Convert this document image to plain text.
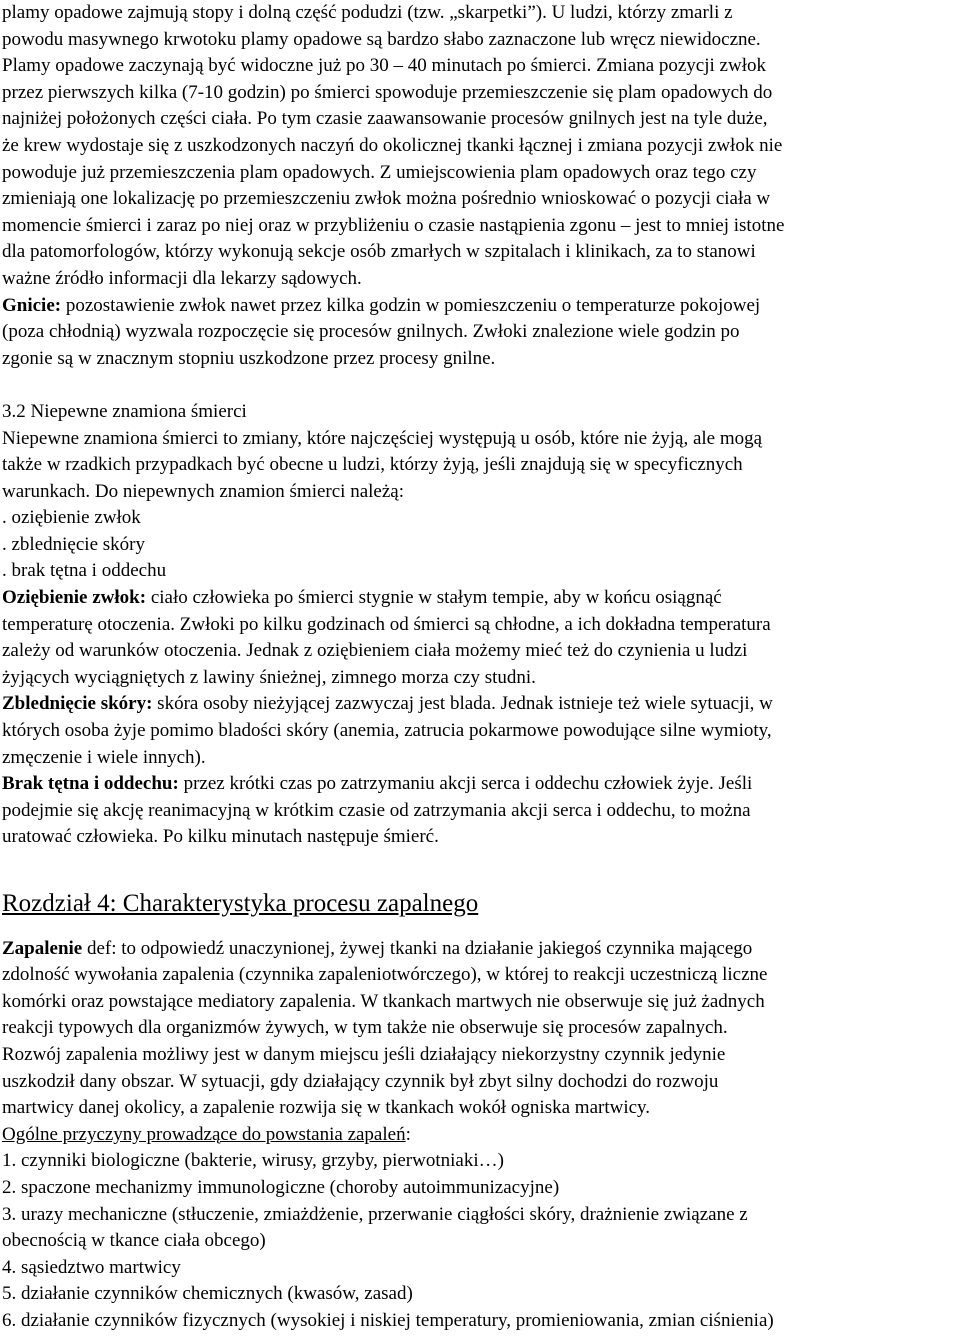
plamy opadowe zajmują stopy i dolną część podudzi (tzw. „skarpetki”). U ludzi, którzy zmarli z
powodu masywnego krwotoku plamy opadowe są bardzo słabo zaznaczone lub wręcz niewidoczne.
Plamy opadowe zaczynają być widoczne już po 30 – 40 minutach po śmierci. Zmiana pozycji zwłok
przez pierwszych kilka (7-10 godzin) po śmierci spowoduje przemieszczenie się plam opadowych do
najniżej położonych części ciała. Po tym czasie zaawansowanie procesów gnilnych jest na tyle duże,
że krew wydostaje się z uszkodzonych naczyń do okolicznej tkanki łącznej i zmiana pozycji zwłok nie
powoduje już przemieszczenia plam opadowych. Z umiejscowienia plam opadowych oraz tego czy
zmieniają one lokalizację po przemieszczeniu zwłok można pośrednio wnioskować o pozycji ciała w
momencie śmierci i zaraz po niej oraz w przybliżeniu o czasie nastąpienia zgonu – jest to mniej istotne
dla patomorfologów, którzy wykonują sekcje osób zmarłych w szpitalach i klinikach, za to stanowi
ważne źródło informacji dla lekarzy sądowych.
Gnicie: pozostawienie zwłok nawet przez kilka godzin w pomieszczeniu o temperaturze pokojowej
(poza chłodnią) wyzwala rozpoczęcie się procesów gnilnych. Zwłoki znalezione wiele godzin po
zgonie są w znacznym stopniu uszkodzone przez procesy gnilne.
3.2 Niepewne znamiona śmierci
Niepewne znamiona śmierci to zmiany, które najczęściej występują u osób, które nie żyją, ale mogą
także w rzadkich przypadkach być obecne u ludzi, którzy żyją, jeśli znajdują się w specyficznych
warunkach. Do niepewnych znamion śmierci należą:
. oziębienie zwłok
. zblednięcie skóry
. brak tętna i oddechu
Oziębienie zwłok: ciało człowieka po śmierci stygnie w stałym tempie, aby w końcu osiągnąć
temperaturę otoczenia. Zwłoki po kilku godzinach od śmierci są chłodne, a ich dokładna temperatura
zależy od warunków otoczenia. Jednak z oziębieniem ciała możemy mieć też do czynienia u ludzi
żyjących wyciągniętych z lawiny śnieżnej, zimnego morza czy studni.
Zblednięcie skóry: skóra osoby nieżyjącej zazwyczaj jest blada. Jednak istnieje też wiele sytuacji, w
których osoba żyje pomimo bladości skóry (anemia, zatrucia pokarmowe powodujące silne wymioty,
zmęczenie i wiele innych).
Brak tętna i oddechu: przez krótki czas po zatrzymaniu akcji serca i oddechu człowiek żyje. Jeśli
podejmie się akcję reanimacyjną w krótkim czasie od zatrzymania akcji serca i oddechu, to można
uratować człowieka. Po kilku minutach następuje śmierć.
Rozdział 4: Charakterystyka procesu zapalnego
Zapalenie def: to odpowiedź unaczynionej, żywej tkanki na działanie jakiegoś czynnika mającego
zdolność wywołania zapalenia (czynnika zapaleniotwórczego), w której to reakcji uczestniczą liczne
komórki oraz powstające mediatory zapalenia. W tkankach martwych nie obserwuje się już żadnych
reakcji typowych dla organizmów żywych, w tym także nie obserwuje się procesów zapalnych.
Rozwój zapalenia możliwy jest w danym miejscu jeśli działający niekorzystny czynnik jedynie
uszkodził dany obszar. W sytuacji, gdy działający czynnik był zbyt silny dochodzi do rozwoju
martwicy danej okolicy, a zapalenie rozwija się w tkankach wokół ogniska martwicy.
Ogólne przyczyny prowadzące do powstania zapaleń:
1. czynniki biologiczne (bakterie, wirusy, grzyby, pierwotniaki…)
2. spaczone mechanizmy immunologiczne (choroby autoimmunizacyjne)
3. urazy mechaniczne (stłuczenie, zmiażdżenie, przerwanie ciągłości skóry, drażnienie związane z
obecnością w tkance ciała obcego)
4. sąsiedztwo martwicy
5. działanie czynników chemicznych (kwasów, zasad)
6. działanie czynników fizycznych (wysokiej i niskiej temperatury, promieniowania, zmian ciśnienia)
